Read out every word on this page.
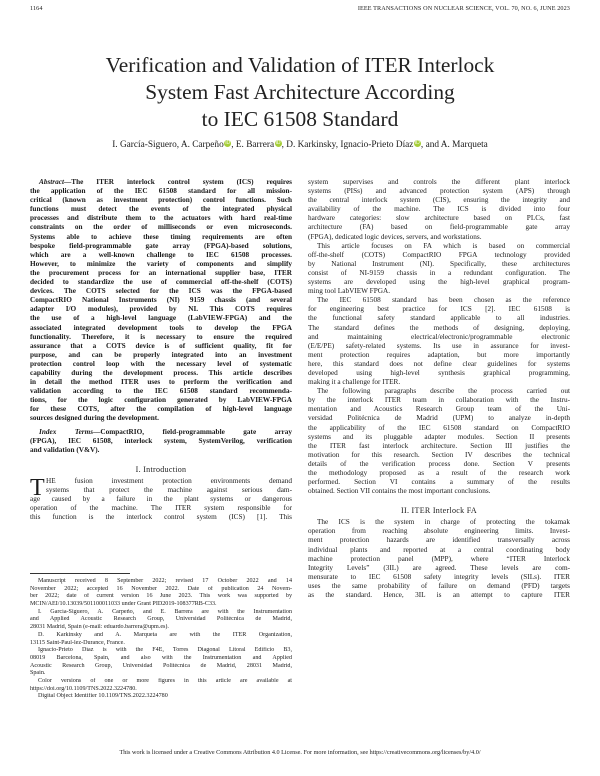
1164	IEEE TRANSACTIONS ON NUCLEAR SCIENCE, VOL. 70, NO. 6, JUNE 2023
Verification and Validation of ITER Interlock
System Fast Architecture According
to IEC 61508 Standard
I. García-Siguero, A. Carpeño iD, E. Barrera iD, D. Karkinsky, Ignacio-Prieto Díaz iD, and A. Marqueta
Abstract—The ITER interlock control system (ICS) requires
the application of the IEC 61508 standard for all mission-
critical (known as investment protection) control functions. Such
functions must detect the events of the integrated physical
processes and distribute them to the actuators with hard real-time
constraints on the order of milliseconds or even microseconds.
Systems able to achieve these timing requirements are often
bespoke field-programmable gate array (FPGA)-based solutions,
which are a well-known challenge to IEC 61508 processes.
However, to minimize the variety of components and simplify
the procurement process for an international supplier base, ITER
decided to standardize the use of commercial off-the-shelf (COTS)
devices. The COTS selected for the ICS was the FPGA-based
CompactRIO National Instruments (NI) 9159 chassis (and several
adapter I/O modules), provided by NI. This COTS requires
the use of a high-level language (LabVIEW-FPGA) and the
associated integrated development tools to develop the FPGA
functionality. Therefore, it is necessary to ensure the required
assurance that a COTS device is of sufficient quality, fit for
purpose, and can be properly integrated into an investment
protection control loop with the necessary level of systematic
capability during the development process. This article describes
in detail the method ITER uses to perform the verification and
validation according to the IEC 61508 standard recommenda-
tions, for the logic configuration generated by LabVIEW-FPGA
for these COTS, after the compilation of high-level language
sources designed during the development.
Index Terms—CompactRIO, field-programmable gate array
(FPGA), IEC 61508, interlock system, SystemVerilog, verification
and validation (V&V).
I. Introduction
T HE fusion investment protection environments demand
systems that protect the machine against serious dam-
age caused by a failure in the plant systems or dangerous
operation of the machine. The ITER system responsible for
this function is the interlock control system (ICS) [1]. This
Manuscript received 8 September 2022; revised 17 October 2022 and 14
November 2022; accepted 16 November 2022. Date of publication 24 Novem-
ber 2022; date of current version 16 June 2023. This work was supported by
MCIN/AEI/10.13039/501100011033 under Grant PID2019-108377RB-C33.
I. García-Siguero, A. Carpeño, and E. Barrera are with the Instrumentation
and Applied Acoustic Research Group, Universidad Politécnica de Madrid,
28031 Madrid, Spain (e-mail: eduardo.barrera@upm.es).
D. Karkinsky and A. Marqueta are with the ITER Organization,
13115 Saint-Paul-lez-Durance, France.
Ignacio-Prieto Díaz is with the F4E, Torres Diagonal Litoral Edificio B3,
08019 Barcelona, Spain, and also with the Instrumentation and Applied
Acoustic Research Group, Universidad Politécnica de Madrid, 28031 Madrid,
Spain.
Color versions of one or more figures in this article are available at
https://doi.org/10.1109/TNS.2022.3224780.
Digital Object Identifier 10.1109/TNS.2022.3224780
system supervises and controls the different plant interlock
systems (PISs) and advanced protection system (APS) through
the central interlock system (CIS), ensuring the integrity and
availability of the machine. The ICS is divided into four
hardware categories: slow architecture based on PLCs, fast
architecture (FA) based on field-programmable gate array
(FPGA), dedicated logic devices, servers, and workstations.
This article focuses on FA which is based on commercial
off-the-shelf (COTS) CompactRIO FPGA technology provided
by National Instrument (NI). Specifically, these architectures
consist of NI-9159 chassis in a redundant configuration. The
systems are developed using the high-level graphical program-
ming tool LabVIEW FPGA.
The IEC 61508 standard has been chosen as the reference
for engineering best practice for ICS [2]. IEC 61508 is
the functional safety standard applicable to all industries.
The standard defines the methods of designing, deploying,
and maintaining electrical/electronic/programmable electronic
(E/E/PE) safety-related systems. Its use in assurance for invest-
ment protection requires adaptation, but more importantly
here, this standard does not define clear guidelines for systems
developed using high-level synthesis graphical programming,
making it a challenge for ITER.
The following paragraphs describe the process carried out
by the interlock ITER team in collaboration with the Instru-
mentation and Acoustics Research Group team of the Uni-
versidad Politécnica de Madrid (UPM) to analyze in-depth
the applicability of the IEC 61508 standard on CompactRIO
systems and its pluggable adapter modules. Section II presents
the ITER fast interlock architecture. Section III justifies the
motivation for this research. Section IV describes the technical
details of the verification process done. Section V presents
the methodology proposed as a result of the research work
performed. Section VI contains a summary of the results
obtained. Section VII contains the most important conclusions.
II. ITER Interlock FA
The ICS is the system in charge of protecting the tokamak
operation from reaching absolute engineering limits. Invest-
ment protection hazards are identified transversally across
individual plants and reported at a central coordinating body
machine protection panel (MPP), where “ITER Interlock
Integrity Levels” (3IL) are agreed. These levels are com-
mensurate to IEC 61508 safety integrity levels (SILs). ITER
uses the same probability of failure on demand (PFD) targets
as the standard. Hence, 3IL is an attempt to capture ITER
This work is licensed under a Creative Commons Attribution 4.0 License. For more information, see https://creativecommons.org/licenses/by/4.0/
